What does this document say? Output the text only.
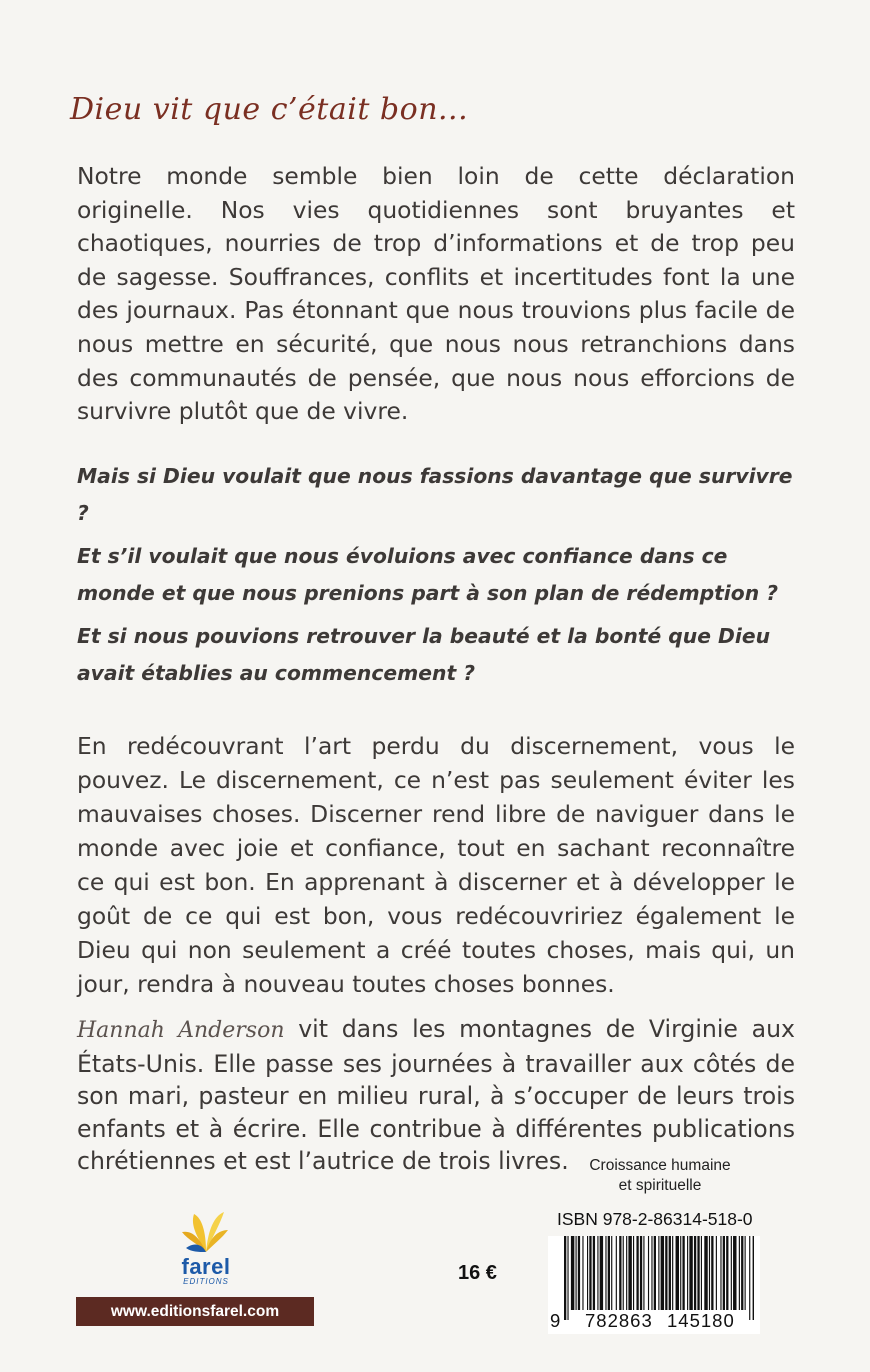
Dieu vit que c’était bon...

Notre monde semble bien loin de cette déclaration originelle. Nos vies quotidiennes sont bruyantes et chaotiques, nourries de trop d’informations et de trop peu de sagesse. Souffrances, conflits et incertitudes font la une des journaux. Pas étonnant que nous trouvions plus facile de nous mettre en sécurité, que nous nous retranchions dans des communautés de pensée, que nous nous efforcions de survivre plutôt que de vivre.

Mais si Dieu voulait que nous fassions davantage que survivre ?

Et s’il voulait que nous évoluions avec confiance dans ce monde et que nous prenions part à son plan de rédemption ?

Et si nous pouvions retrouver la beauté et la bonté que Dieu avait établies au commencement ?

En redécouvrant l’art perdu du discernement, vous le pouvez. Le discernement, ce n’est pas seulement éviter les mauvaises choses. Discerner rend libre de naviguer dans le monde avec joie et confiance, tout en sachant reconnaître ce qui est bon. En apprenant à discerner et à développer le goût de ce qui est bon, vous redécouvririez également le Dieu qui non seulement a créé toutes choses, mais qui, un jour, rendra à nouveau toutes choses bonnes.

Hannah Anderson vit dans les montagnes de Virginie aux États-Unis. Elle passe ses journées à travailler aux côtés de son mari, pasteur en milieu rural, à s’occuper de leurs trois enfants et à écrire. Elle contribue à différentes publications chrétiennes et est l’autrice de trois livres.	Croissance humaine
et spirituelle
ISBN 978-2-86314-518-0
9 782863 145180
16 €
farel
EDITIONS
www.editionsfarel.com
